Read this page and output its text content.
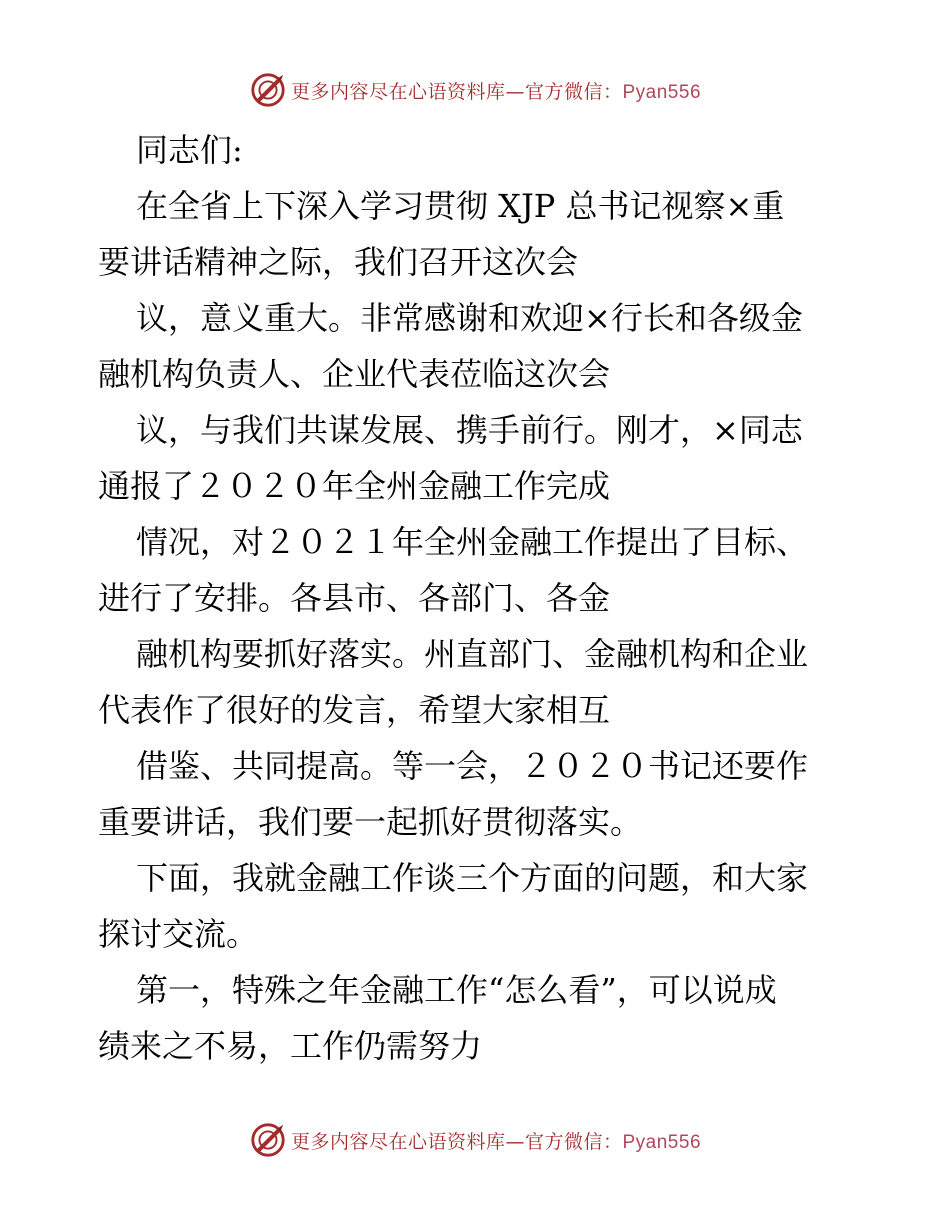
更多内容尽在心语资料库—官方微信：Pyan556
同志们:
在全省上下深入学习贯彻 XJP 总书记视察×重
要讲话精神之际，我们召开这次会
议，意义重大。非常感谢和欢迎×行长和各级金
融机构负责人、企业代表莅临这次会
议，与我们共谋发展、携手前行。刚才，×同志
通报了２０２０年全州金融工作完成
情况，对２０２１年全州金融工作提出了目标、
进行了安排。各县市、各部门、各金
融机构要抓好落实。州直部门、金融机构和企业
代表作了很好的发言，希望大家相互
借鉴、共同提高。等一会，２０２０书记还要作
重要讲话，我们要一起抓好贯彻落实。
下面，我就金融工作谈三个方面的问题，和大家
探讨交流。
第一，特殊之年金融工作“怎么看”，可以说成
绩来之不易，工作仍需努力
更多内容尽在心语资料库—官方微信：Pyan556
